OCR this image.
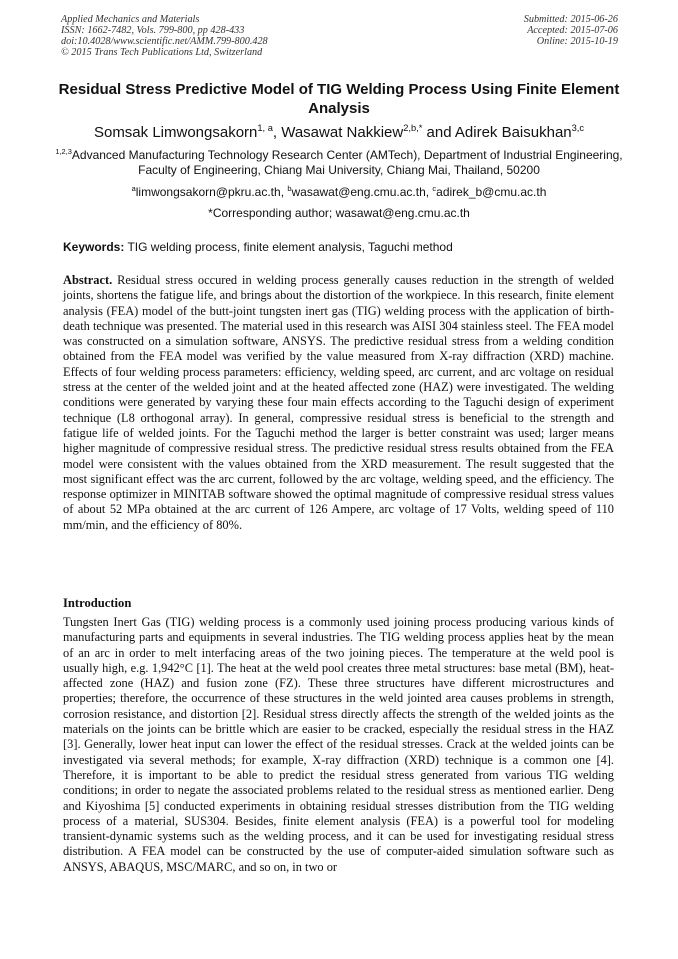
Applied Mechanics and Materials
ISSN: 1662-7482, Vols. 799-800, pp 428-433
doi:10.4028/www.scientific.net/AMM.799-800.428
© 2015 Trans Tech Publications Ltd, Switzerland
Submitted: 2015-06-26
Accepted: 2015-07-06
Online: 2015-10-19
Residual Stress Predictive Model of TIG Welding Process Using Finite Element Analysis
Somsak Limwongsakorn$^{1, a}$, Wasawat Nakkiew$^{2,b,*}$ and Adirek Baisukhan$^{3,c}$
$^{1,2,3}$Advanced Manufacturing Technology Research Center (AMTech), Department of Industrial Engineering, Faculty of Engineering, Chiang Mai University, Chiang Mai, Thailand, 50200
$^a$limwongsakorn@pkru.ac.th, $^b$wasawat@eng.cmu.ac.th, $^c$adirek_b@cmu.ac.th
*Corresponding author; wasawat@eng.cmu.ac.th
Keywords: TIG welding process, finite element analysis, Taguchi method

Abstract. Residual stress occured in welding process generally causes reduction in the strength of welded joints, shortens the fatigue life, and brings about the distortion of the workpiece. In this research, finite element analysis (FEA) model of the butt-joint tungsten inert gas (TIG) welding process with the application of birth-death technique was presented. The material used in this research was AISI 304 stainless steel. The FEA model was constructed on a simulation software, ANSYS. The predictive residual stress from a welding condition obtained from the FEA model was verified by the value measured from X-ray diffraction (XRD) machine. Effects of four welding process parameters: efficiency, welding speed, arc current, and arc voltage on residual stress at the center of the welded joint and at the heated affected zone (HAZ) were investigated. The welding conditions were generated by varying these four main effects according to the Taguchi design of experiment technique (L8 orthogonal array). In general, compressive residual stress is beneficial to the strength and fatigue life of welded joints. For the Taguchi method the larger is better constraint was used; larger means higher magnitude of compressive residual stress. The predictive residual stress results obtained from the FEA model were consistent with the values obtained from the XRD measurement. The result suggested that the most significant effect was the arc current, followed by the arc voltage, welding speed, and the efficiency. The response optimizer in MINITAB software showed the optimal magnitude of compressive residual stress values of about 52 MPa obtained at the arc current of 126 Ampere, arc voltage of 17 Volts, welding speed of 110 mm/min, and the efficiency of 80%.

Introduction

Tungsten Inert Gas (TIG) welding process is a commonly used joining process producing various kinds of manufacturing parts and equipments in several industries. The TIG welding process applies heat by the mean of an arc in order to melt interfacing areas of the two joining pieces. The temperature at the weld pool is usually high, e.g. 1,942°C [1]. The heat at the weld pool creates three metal structures: base metal (BM), heat-affected zone (HAZ) and fusion zone (FZ). These three structures have different microstructures and properties; therefore, the occurrence of these structures in the weld jointed area causes problems in strength, corrosion resistance, and distortion [2]. Residual stress directly affects the strength of the welded joints as the materials on the joints can be brittle which are easier to be cracked, especially the residual stress in the HAZ [3]. Generally, lower heat input can lower the effect of the residual stresses. Crack at the welded joints can be investigated via several methods; for example, X-ray diffraction (XRD) technique is a common one [4]. Therefore, it is important to be able to predict the residual stress generated from various TIG welding conditions; in order to negate the associated problems related to the residual stress as mentioned earlier. Deng and Kiyoshima [5] conducted experiments in obtaining residual stresses distribution from the TIG welding process of a material, SUS304. Besides, finite element analysis (FEA) is a powerful tool for modeling transient-dynamic systems such as the welding process, and it can be used for investigating residual stress distribution. A FEA model can be constructed by the use of computer-aided simulation software such as ANSYS, ABAQUS, MSC/MARC, and so on, in two or
